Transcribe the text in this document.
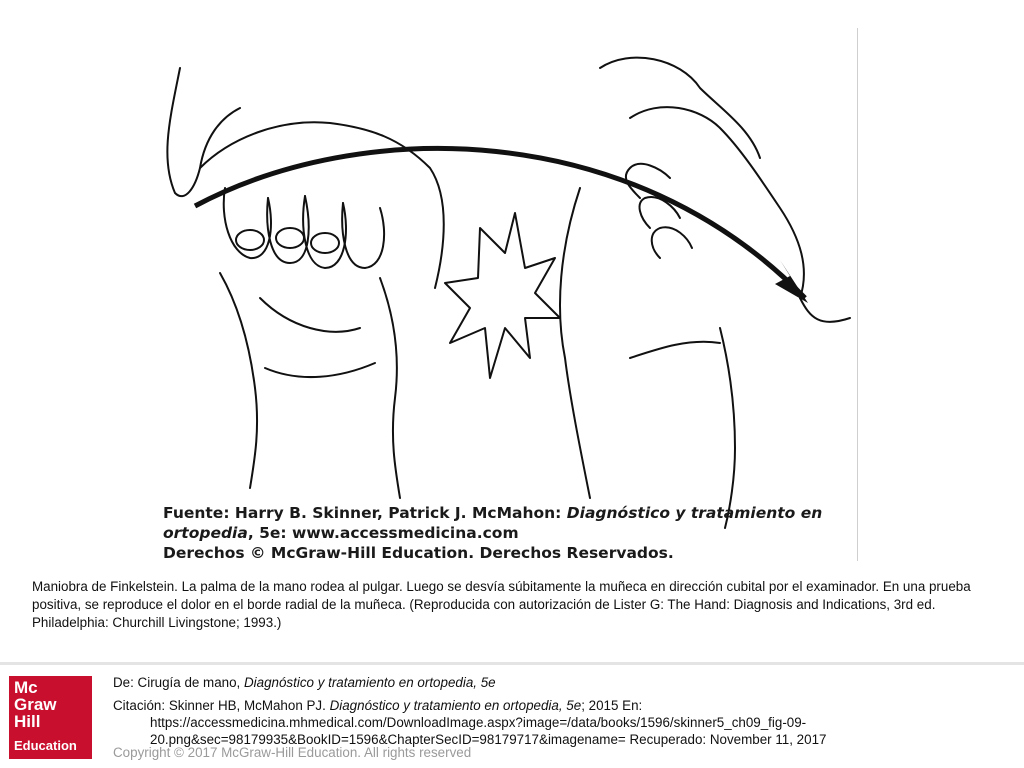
Fuente: Harry B. Skinner, Patrick J. McMahon: Diagnóstico y tratamiento en
ortopedia, 5e: www.accessmedicina.com
Derechos © McGraw-Hill Education. Derechos Reservados.
Maniobra de Finkelstein. La palma de la mano rodea al pulgar. Luego se desvía súbitamente la muñeca en dirección cubital por el examinador. En una prueba positiva, se reproduce el dolor en el borde radial de la muñeca. (Reproducida con autorización de Lister G: The Hand: Diagnosis and Indications, 3rd ed. Philadelphia: Churchill Livingstone; 1993.)
Mc
Graw
Hill
Education
De: Cirugía de mano, Diagnóstico y tratamiento en ortopedia, 5e
Citación: Skinner HB, McMahon PJ. Diagnóstico y tratamiento en ortopedia, 5e; 2015 En:
https://accessmedicina.mhmedical.com/DownloadImage.aspx?image=/data/books/1596/skinner5_ch09_fig-09-
20.png&sec=98179935&BookID=1596&ChapterSecID=98179717&imagename= Recuperado: November 11, 2017
Copyright © 2017 McGraw-Hill Education. All rights reserved
